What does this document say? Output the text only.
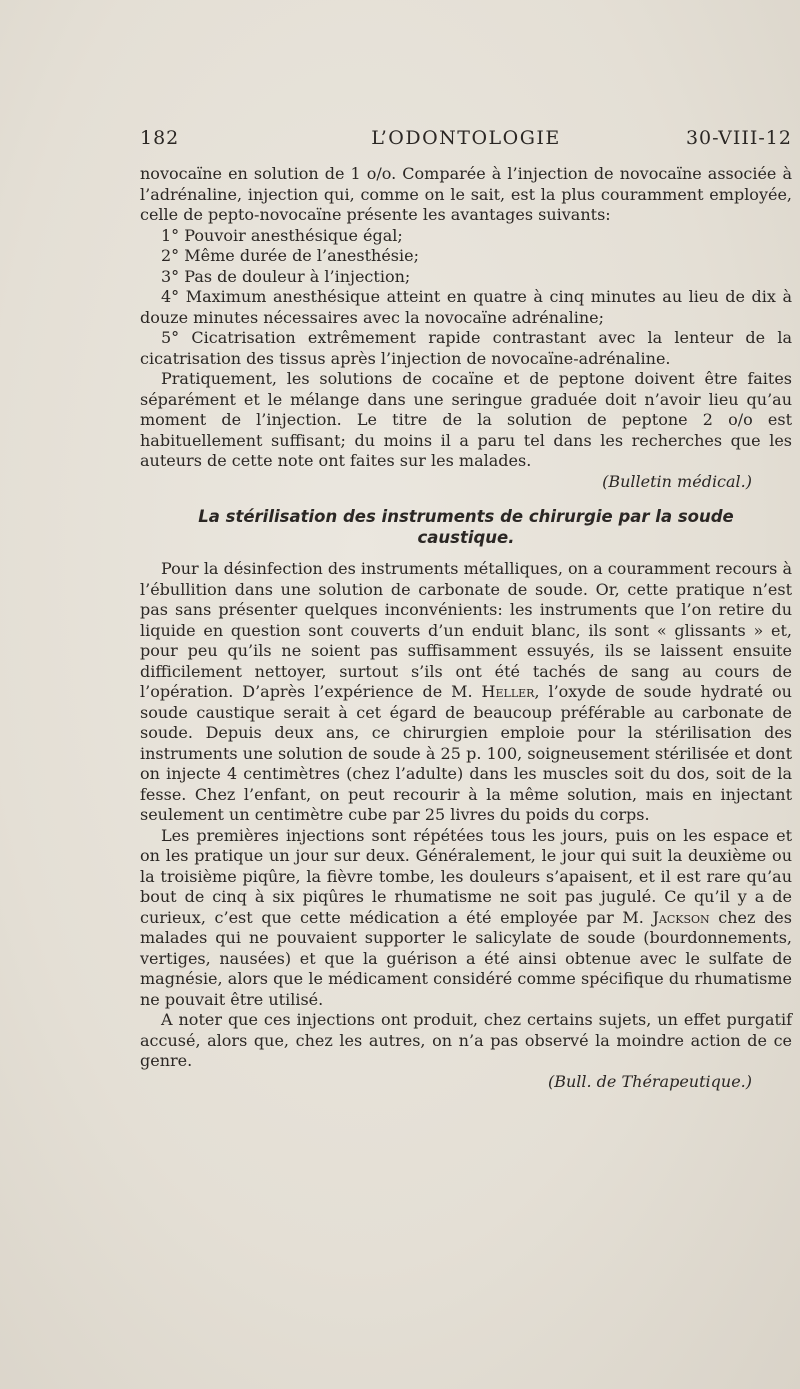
182	L’ODONTOLOGIE	30-VIII-12

novocaïne en solution de 1 o/o. Comparée à l’injection de novocaïne associée à l’adrénaline, injection qui, comme on le sait, est la plus couramment employée, celle de pepto-novocaïne présente les avantages suivants:

1° Pouvoir anesthésique égal;

2° Même durée de l’anesthésie;

3° Pas de douleur à l’injection;

4° Maximum anesthésique atteint en quatre à cinq minutes au lieu de dix à douze minutes nécessaires avec la novocaïne adrénaline;

5° Cicatrisation extrêmement rapide contrastant avec la lenteur de la cicatrisation des tissus après l’injection de novocaïne-adrénaline.

Pratiquement, les solutions de cocaïne et de peptone doivent être faites séparément et le mélange dans une seringue graduée doit n’avoir lieu qu’au moment de l’injection. Le titre de la solution de peptone 2 o/o est habituellement suffisant; du moins il a paru tel dans les recherches que les auteurs de cette note ont faites sur les malades.

(Bulletin médical.)

La stérilisation des instruments de chirurgie par la soude caustique.

Pour la désinfection des instruments métalliques, on a couramment recours à l’ébullition dans une solution de carbonate de soude. Or, cette pratique n’est pas sans présenter quelques inconvénients: les instruments que l’on retire du liquide en question sont couverts d’un enduit blanc, ils sont « glissants » et, pour peu qu’ils ne soient pas suffisamment essuyés, ils se laissent ensuite difficilement nettoyer, surtout s’ils ont été tachés de sang au cours de l’opération. D’après l’expérience de M. Heller, l’oxyde de soude hydraté ou soude caustique serait à cet égard de beaucoup préférable au carbonate de soude. Depuis deux ans, ce chirurgien emploie pour la stérilisation des instruments une solution de soude à 25 p. 100, soigneusement stérilisée et dont on injecte 4 centimètres (chez l’adulte) dans les muscles soit du dos, soit de la fesse. Chez l’enfant, on peut recourir à la même solution, mais en injectant seulement un centimètre cube par 25 livres du poids du corps.

Les premières injections sont répétées tous les jours, puis on les espace et on les pratique un jour sur deux. Généralement, le jour qui suit la deuxième ou la troisième piqûre, la fièvre tombe, les douleurs s’apaisent, et il est rare qu’au bout de cinq à six piqûres le rhumatisme ne soit pas jugulé. Ce qu’il y a de curieux, c’est que cette médication a été employée par M. Jackson chez des malades qui ne pouvaient supporter le salicylate de soude (bourdonnements, vertiges, nausées) et que la guérison a été ainsi obtenue avec le sulfate de magnésie, alors que le médicament considéré comme spécifique du rhumatisme ne pouvait être utilisé.

A noter que ces injections ont produit, chez certains sujets, un effet purgatif accusé, alors que, chez les autres, on n’a pas observé la moindre action de ce genre.

(Bull. de Thérapeutique.)
